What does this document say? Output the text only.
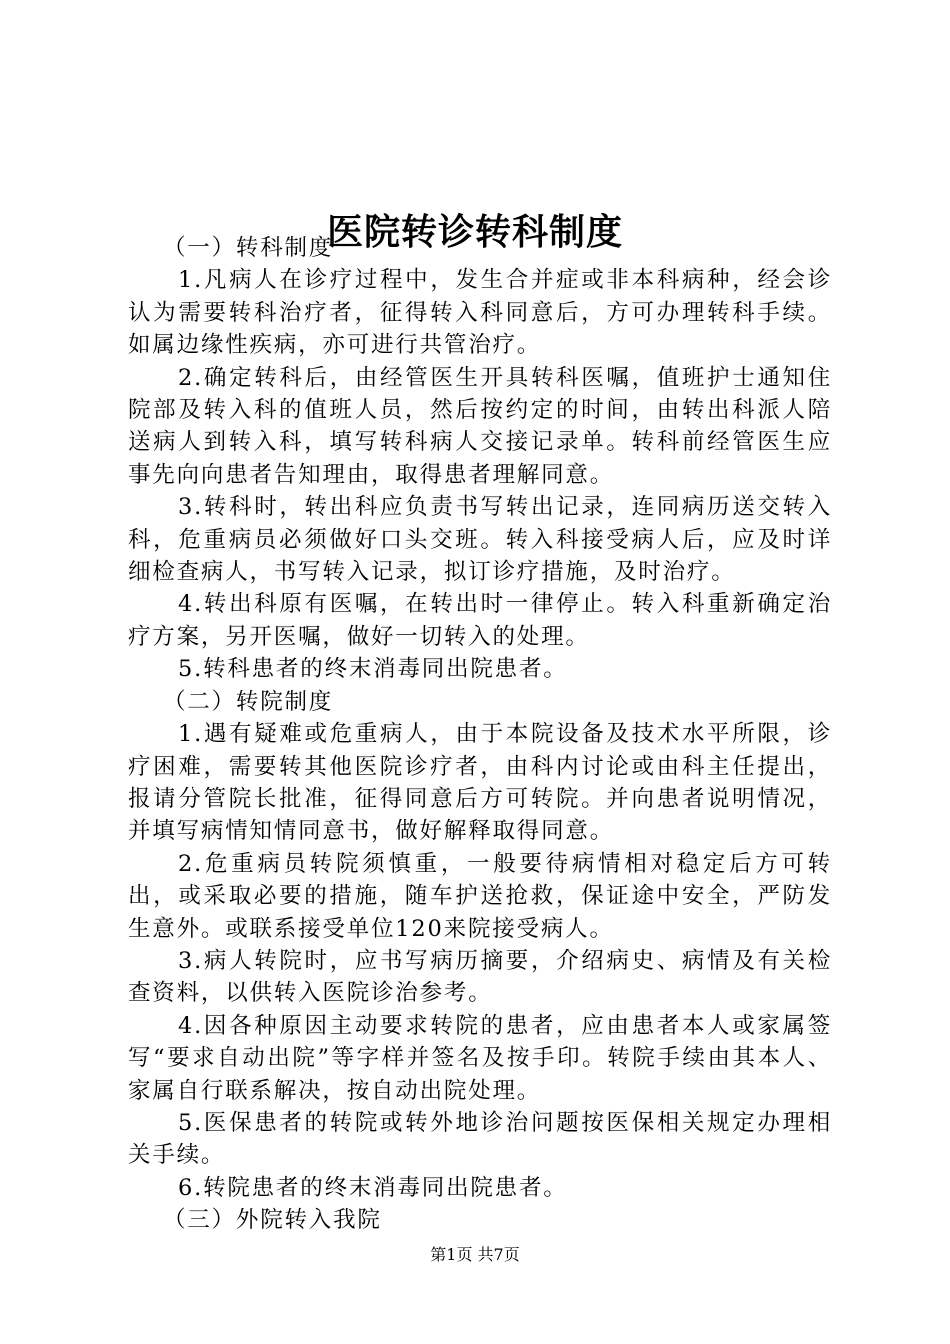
医院转诊转科制度

（一）转科制度

1.凡病人在诊疗过程中，发生合并症或非本科病种，经会诊认为需要转科治疗者，征得转入科同意后，方可办理转科手续。如属边缘性疾病，亦可进行共管治疗。

2.确定转科后，由经管医生开具转科医嘱，值班护士通知住院部及转入科的值班人员，然后按约定的时间，由转出科派人陪送病人到转入科，填写转科病人交接记录单。转科前经管医生应事先向向患者告知理由，取得患者理解同意。

3.转科时，转出科应负责书写转出记录，连同病历送交转入科，危重病员必须做好口头交班。转入科接受病人后，应及时详细检查病人，书写转入记录，拟订诊疗措施，及时治疗。

4.转出科原有医嘱，在转出时一律停止。转入科重新确定治疗方案，另开医嘱，做好一切转入的处理。

5.转科患者的终末消毒同出院患者。

（二）转院制度

1.遇有疑难或危重病人，由于本院设备及技术水平所限，诊疗困难，需要转其他医院诊疗者，由科内讨论或由科主任提出，报请分管院长批准，征得同意后方可转院。并向患者说明情况，并填写病情知情同意书，做好解释取得同意。

2.危重病员转院须慎重，一般要待病情相对稳定后方可转出，或采取必要的措施，随车护送抢救，保证途中安全，严防发生意外。或联系接受单位120来院接受病人。

3.病人转院时，应书写病历摘要，介绍病史、病情及有关检查资料，以供转入医院诊治参考。

4.因各种原因主动要求转院的患者，应由患者本人或家属签写“要求自动出院”等字样并签名及按手印。转院手续由其本人、家属自行联系解决，按自动出院处理。

5.医保患者的转院或转外地诊治问题按医保相关规定办理相关手续。

6.转院患者的终末消毒同出院患者。

（三）外院转入我院

第1页 共7页
